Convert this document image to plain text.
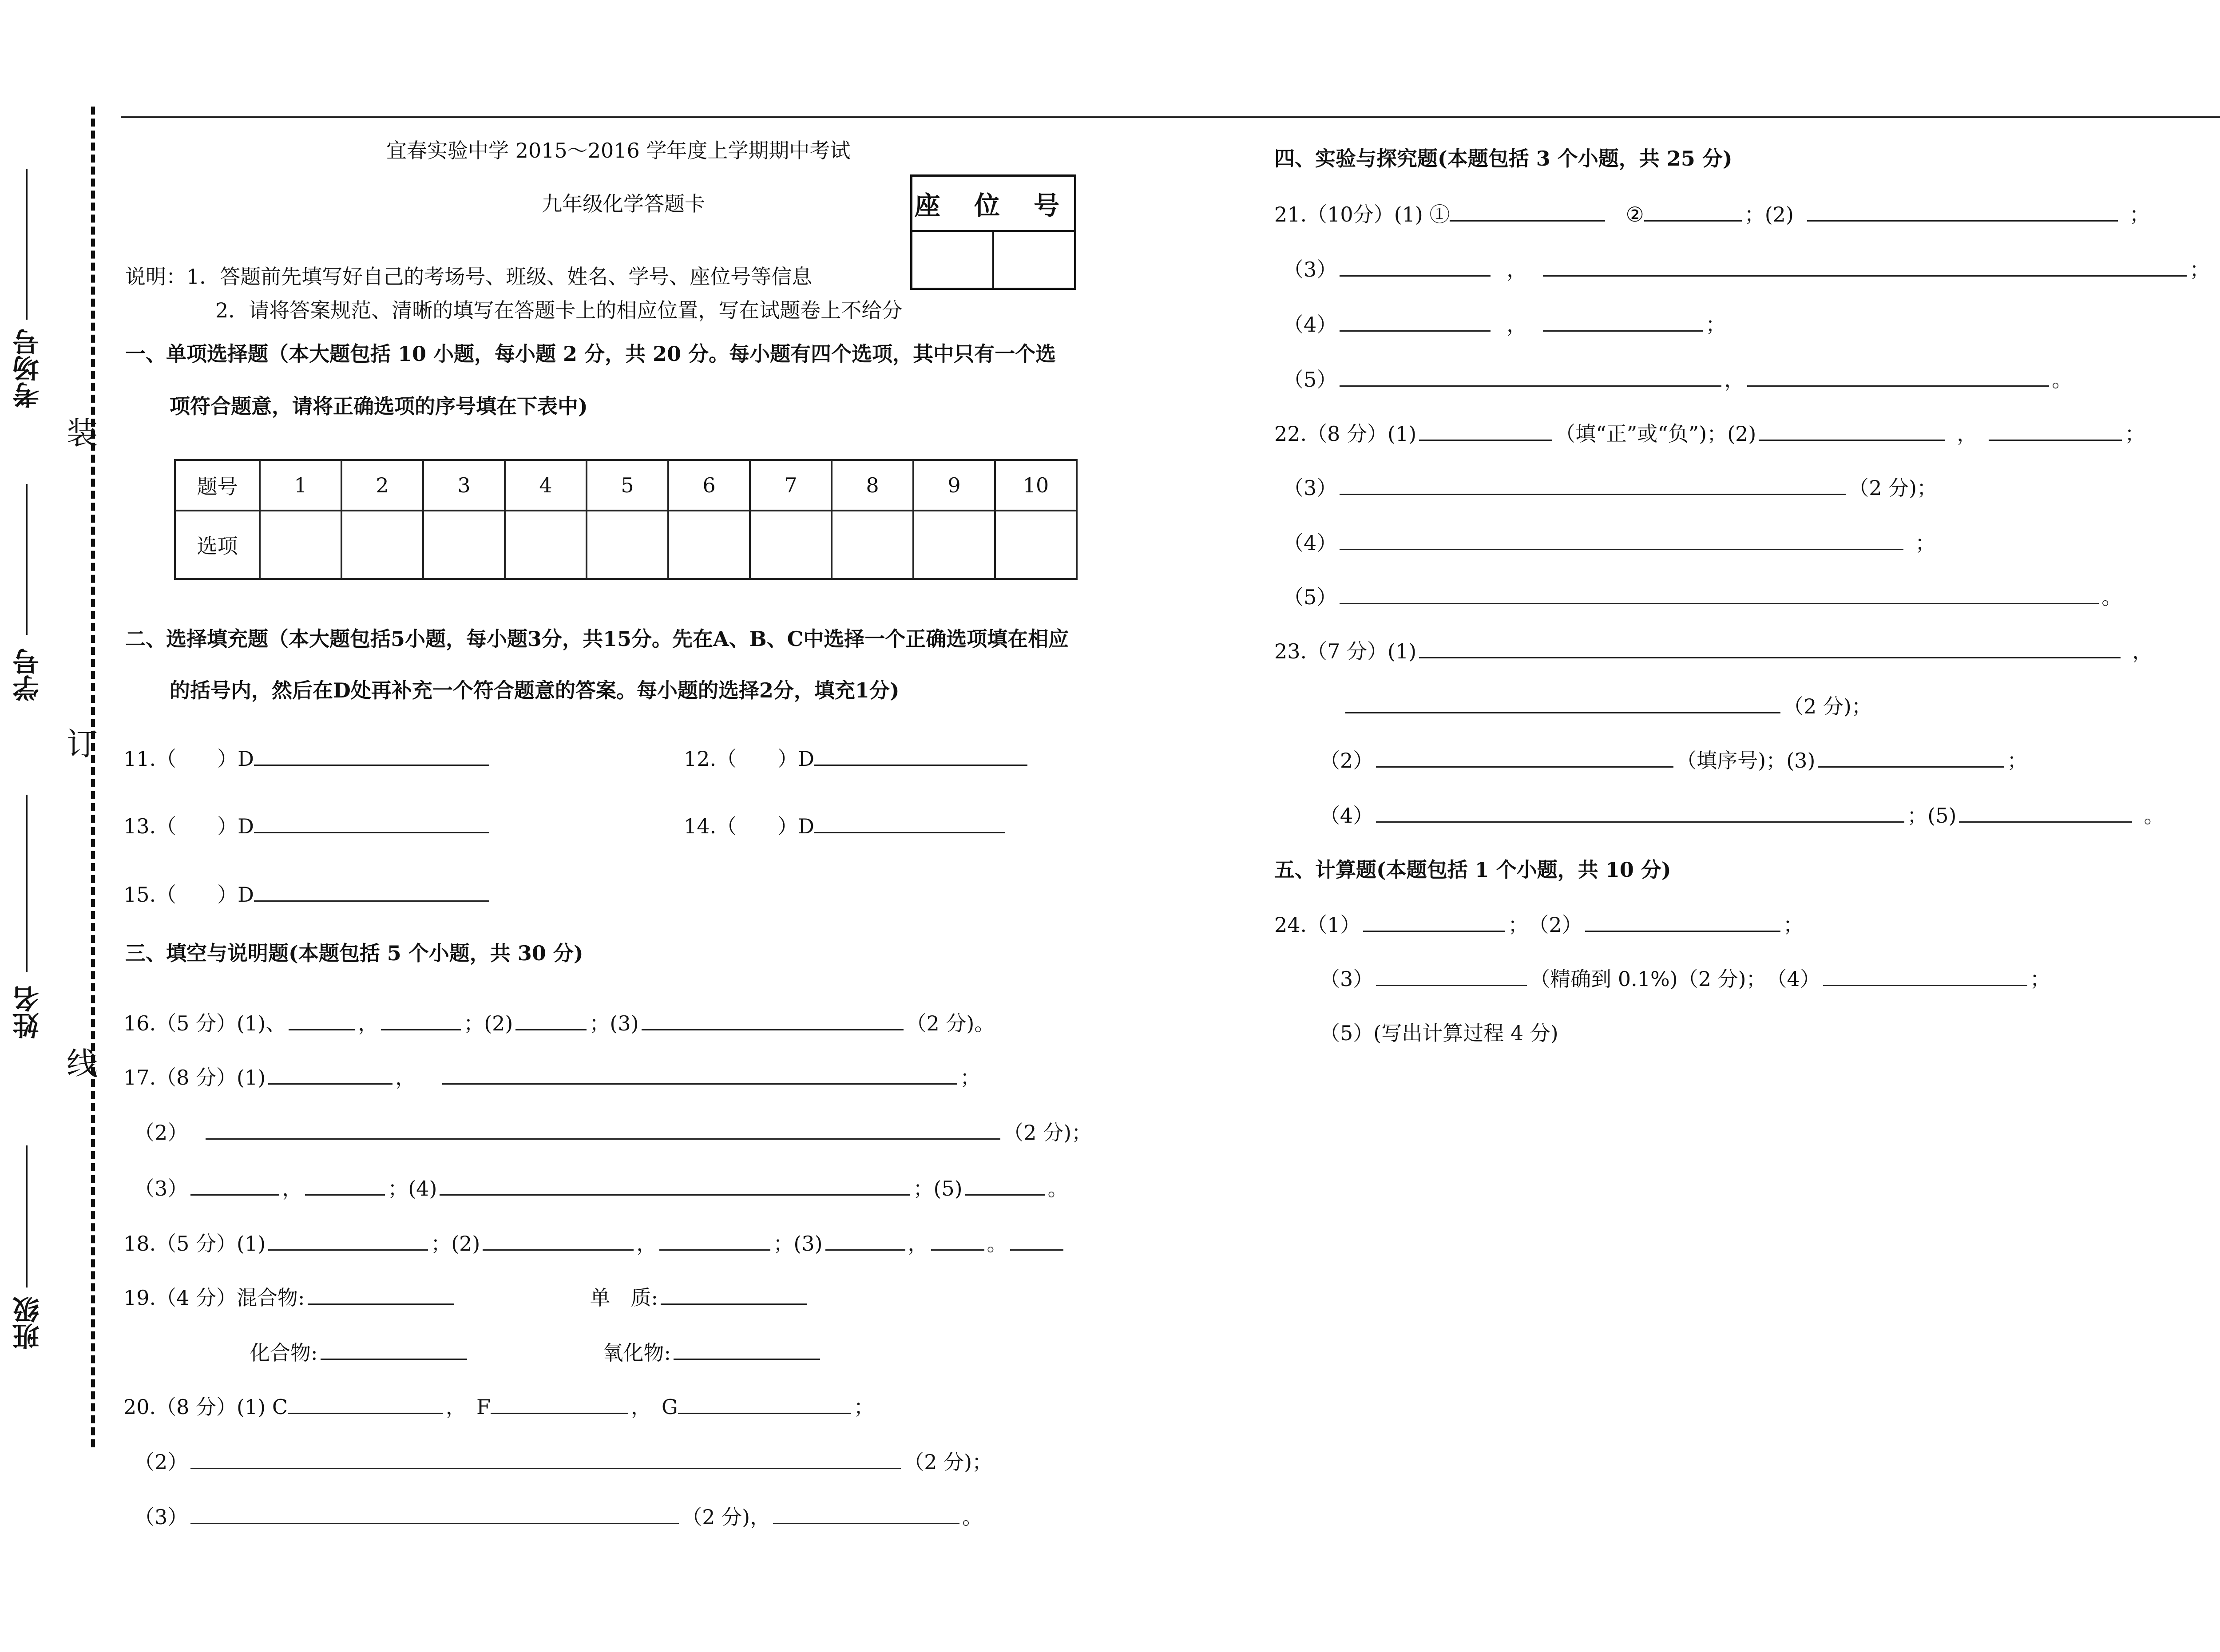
装
订
线
考场号
学号
姓名
班级
宜春实验中学 2015～2016 学年度上学期期中考试
九年级化学答题卡	座 位 号
说明：1．答题前先填写好自己的考场号、班级、姓名、学号、座位号等信息
2．请将答案规范、清晰的填写在答题卡上的相应位置，写在试题卷上不给分
一、单项选择题（本大题包括 10 小题，每小题 2 分，共 20 分。每小题有四个选项，其中只有一个选
项符合题意，请将正确选项的序号填在下表中)
题号	1	2	3	4	5	6	7	8	9	10
选项										
二、选择填充题（本大题包括5小题，每小题3分，共15分。先在A、B、C中选择一个正确选项填在相应
的括号内，然后在D处再补充一个符合题意的答案。每小题的选择2分，填充1分)
11.（　　）D	12.（　　）D
13.（　　）D	14.（　　）D
15.（　　）D
三、填空与说明题(本题包括 5 个小题，共 30 分)
16.（5 分）(1)、	，	；(2)	；(3)	（2 分)。
17.（8 分）(1)	，	；
（2）	（2 分)；
（3）	，	；(4)	；(5)	。
18.（5 分）(1)	；(2)	，	；(3)	，	。
19.（4 分）混合物:	单　质:
化合物:	氧化物:
20.（8 分）(1) C	，　F	，　G	；
（2）	（2 分)；
（3）	（2 分)，	。
四、实验与探究题(本题包括 3 个小题，共 25 分)
21.（10分）(1) ①	②	；(2)	；
（3）	，	；
（4）	，	；
（5）	，	。
22.（8 分）(1)	（填“正”或“负”)；(2)	，	；
（3）	（2 分)；
（4）	；
（5）	。
23.（7 分）(1)	，
（2 分)；
（2）	（填序号)；(3)	；
（4）	；(5)	。
五、计算题(本题包括 1 个小题，共 10 分)
24.（1）	；　（2）	；
（3）	（精确到 0.1%)（2 分)；　（4）	；
（5）(写出计算过程 4 分)
